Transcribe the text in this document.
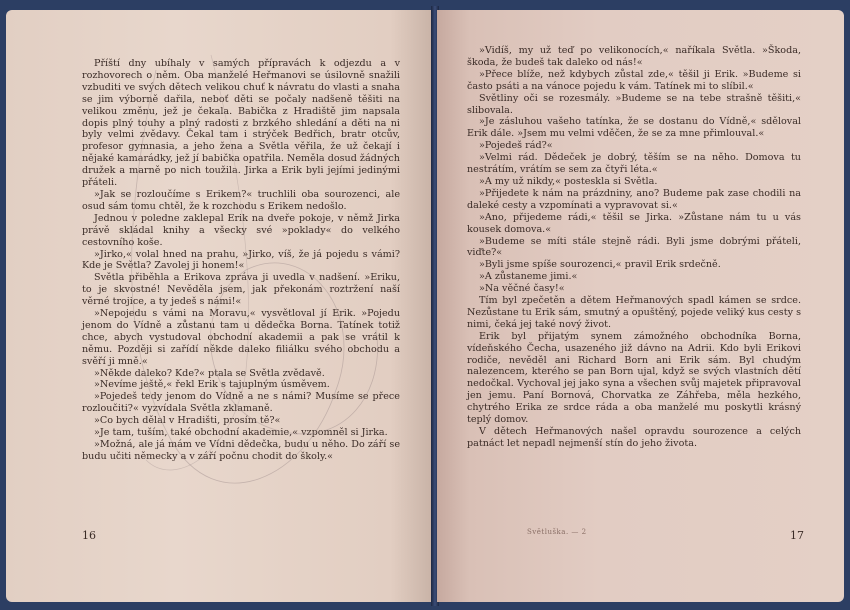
Příští dny ubíhaly v samých přípravách k odjezdu a v rozhovorech o něm. Oba manželé Heřmanovi se úsilovně snažili vzbuditi ve svých dětech velikou chuť k návratu do vlasti a snaha se jim výborně dařila, neboť děti se počaly nadšeně těšiti na velikou změnu, jež je čekala. Babička z Hradiště jim napsala dopis plný touhy a plný radosti z brzkého shledání a děti na ni byly velmi zvědavy. Čekal tam i strýček Bedřich, bratr otcův, profesor gymnasia, a jeho žena a Světla věřila, že už čekají i nějaké kamarádky, jež jí babička opatřila. Neměla dosud žádných družek a marně po nich toužila. Jirka a Erik byli jejími jedinými přáteli.

»Jak se rozloučíme s Erikem?« truchlili oba sourozenci, ale osud sám tomu chtěl, že k rozchodu s Erikem nedošlo.

Jednou v poledne zaklepal Erik na dveře pokoje, v němž Jirka právě skládal knihy a všecky své »poklady« do velkého cestovního koše.

»Jirko,« volal hned na prahu, »Jirko, víš, že já pojedu s vámi? Kde je Světla? Zavolej ji honem!«

Světla přiběhla a Erikova zpráva ji uvedla v nadšení. »Eriku, to je skvostné! Nevěděla jsem, jak překonám roztržení naší věrné trojice, a ty jedeš s námi!«

»Nepojedu s vámi na Moravu,« vysvětloval jí Erik. »Pojedu jenom do Vídně a zůstanu tam u dědečka Borna. Tatínek totiž chce, abych vystudoval obchodní akademii a pak se vrátil k němu. Později si zařídí někde daleko filiálku svého obchodu a svěří ji mně.«

»Někde daleko? Kde?« ptala se Světla zvědavě.

»Nevíme ještě,« řekl Erik s tajuplným úsměvem.

»Pojedeš tedy jenom do Vídně a ne s námi? Musíme se přece rozloučiti?« vyzvídala Světla zklamaně.

»Co bych dělal v Hradišti, prosím tě?«

»Je tam, tuším, také obchodní akademie,« vzpomněl si Jirka.

»Možná, ale já mám ve Vídni dědečka, budu u něho. Do září se budu učiti německy a v září počnu chodit do školy.«

16

»Vidíš, my už teď po velikonocích,« naříkala Světla. »Škoda, škoda, že budeš tak daleko od nás!«

»Přece blíže, než kdybych zůstal zde,« těšil ji Erik. »Budeme si často psáti a na vánoce pojedu k vám. Tatínek mi to slíbil.«

Světliny oči se rozesmály. »Budeme se na tebe strašně těšiti,« slibovala.

»Je zásluhou vašeho tatínka, že se dostanu do Vídně,« sděloval Erik dále. »Jsem mu velmi vděčen, že se za mne přimlouval.«

»Pojedeš rád?«

»Velmi rád. Dědeček je dobrý, těším se na něho. Domova tu nestrátím, vrátím se sem za čtyři léta.«

»A my už nikdy,« posteskla si Světla.

»Přijedete k nám na prázdniny, ano? Budeme pak zase chodili na daleké cesty a vzpomínati a vypravovat si.«

»Ano, přijedeme rádi,« těšil se Jirka. »Zůstane nám tu u vás kousek domova.«

»Budeme se míti stále stejně rádi. Byli jsme dobrými přáteli, viďte?«

»Byli jsme spíše sourozenci,« pravil Erik srdečně.

»A zůstaneme jimi.«

»Na věčné časy!«

Tím byl zpečetěn a dětem Heřmanových spadl kámen se srdce. Nezůstane tu Erik sám, smutný a opuštěný, pojede veliký kus cesty s nimi, čeká jej také nový život.

Erik byl přijatým synem zámožného obchodníka Borna, vídeňského Čecha, usazeného již dávno na Adrii. Kdo byli Erikovi rodiče, nevěděl ani Richard Born ani Erik sám. Byl chudým nalezencem, kterého se pan Born ujal, když se svých vlastních dětí nedočkal. Vychoval jej jako syna a všechen svůj majetek připravoval jen jemu. Paní Bornová, Chorvatka ze Záhřeba, měla hezkého, chytrého Erika ze srdce ráda a oba manželé mu poskytli krásný teplý domov.

V dětech Heřmanových našel opravdu sourozence a celých patnáct let nepadl nejmenší stín do jeho života.

Světluška. — 2	17
